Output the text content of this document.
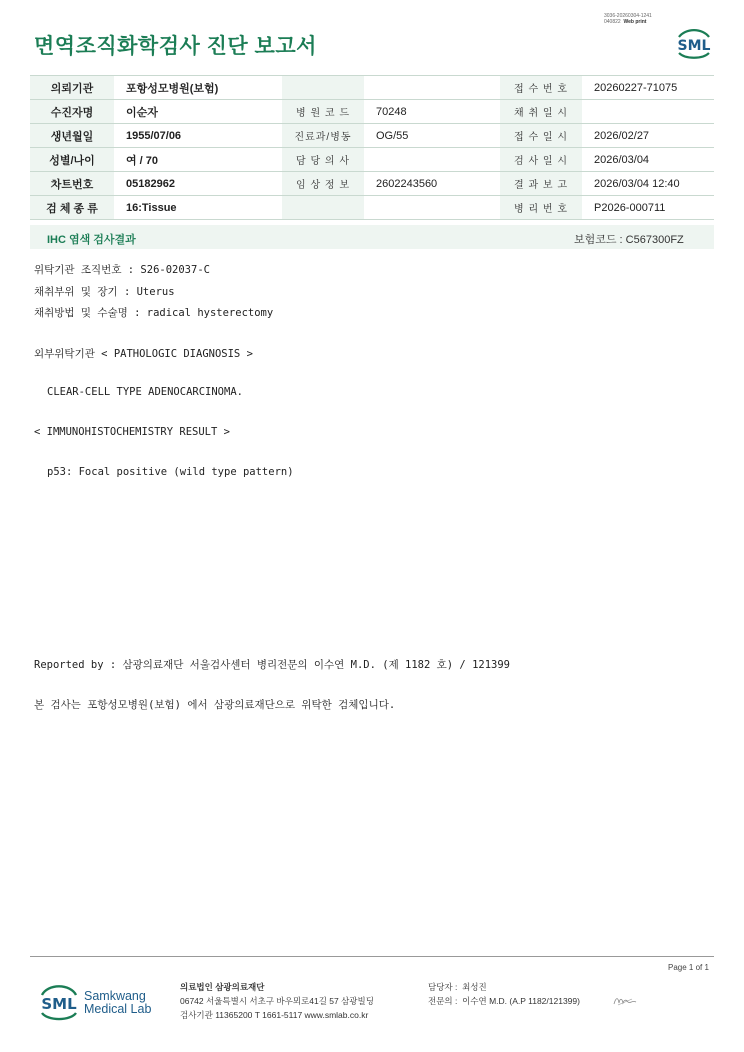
3036-20260304-1241
040822 Web print
면역조직화학검사 진단 보고서	SML
의뢰기관	포항성모병원(보험)			접 수 번 호	20260227-71075
수진자명	이순자	병 원 코 드	70248	채 취 일 시	
생년월일	1955/07/06	진료과/병동	OG/55	접 수 일 시	2026/02/27
성별/나이	여 / 70	담 당 의 사		검 사 일 시	2026/03/04
차트번호	05182962	임 상 정 보	2602243560	결 과 보 고	2026/03/04 12:40
검 체 종 류	16:Tissue			병 리 번 호	P2026-000711
IHC 염색 검사결과	보험코드 : C567300FZ
위탁기관 조직번호 : S26-02037-C
채취부위 및 장기 : Uterus
채취방법 및 수술명 : radical hysterectomy
외부위탁기관 < PATHOLOGIC DIAGNOSIS >
CLEAR-CELL TYPE ADENOCARCINOMA.
< IMMUNOHISTOCHEMISTRY RESULT >
p53: Focal positive (wild type pattern)
Reported by : 삼광의료재단 서울검사센터 병리전문의 이수연 M.D. (제 1182 호) / 121399
본 검사는 포항성모병원(보험) 에서 삼광의료재단으로 위탁한 검체입니다.
Page 1 of 1
SML Samkwang
Medical Lab
의료법인 삼광의료재단
06742 서울특별시 서초구 바우뫼로41길 57 삼광빌딩
검사기관 11365200 T 1661-5117 www.smlab.co.kr
담당자 : 최성진
전문의 : 이수연 M.D. (A.P 1182/121399)
